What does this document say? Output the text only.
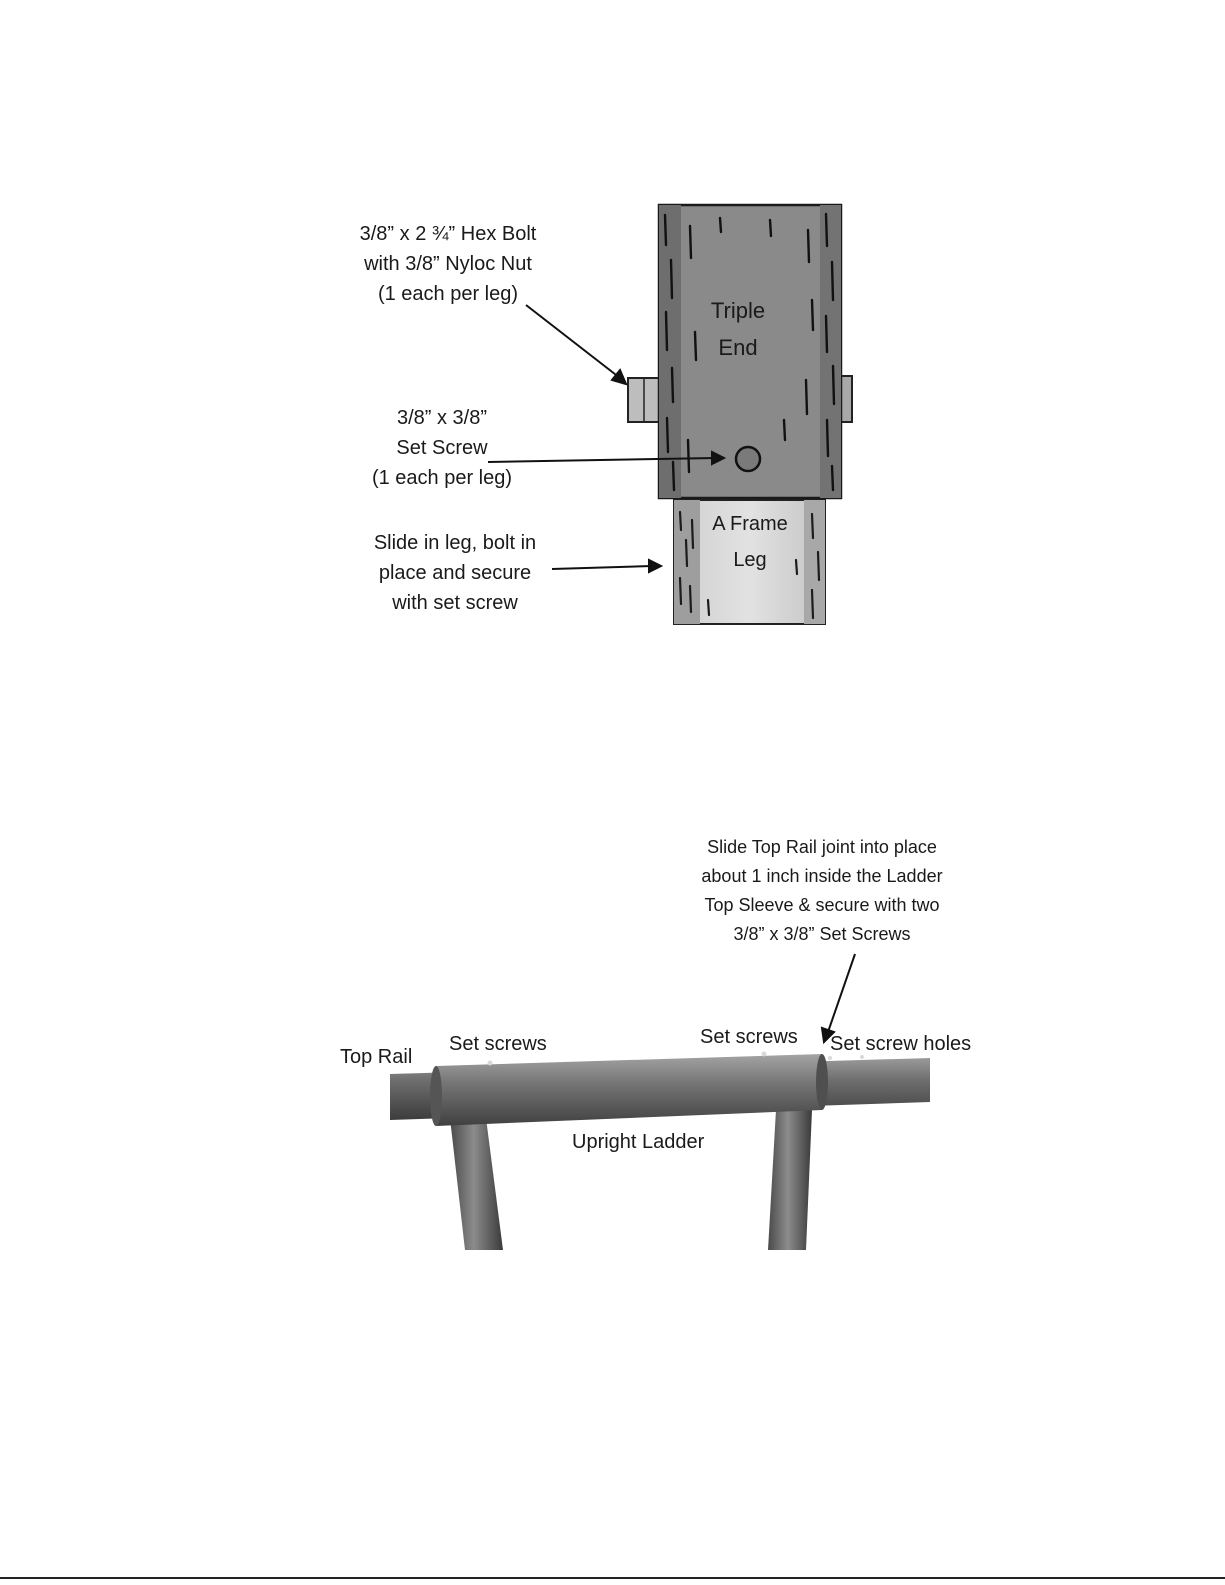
3/8” x 2 ¾” Hex Bolt
with 3/8” Nyloc Nut
(1 each per leg)
Triple
End
3/8” x 3/8”
Set Screw
(1 each per leg)
A Frame
Leg
Slide in leg, bolt in
place and secure
with set screw
Slide Top Rail joint into place
about 1 inch inside the Ladder
Top Sleeve & secure with two
3/8” x 3/8” Set Screws
Top Rail
Set screws	Set screws Set screw holes
Upright Ladder
